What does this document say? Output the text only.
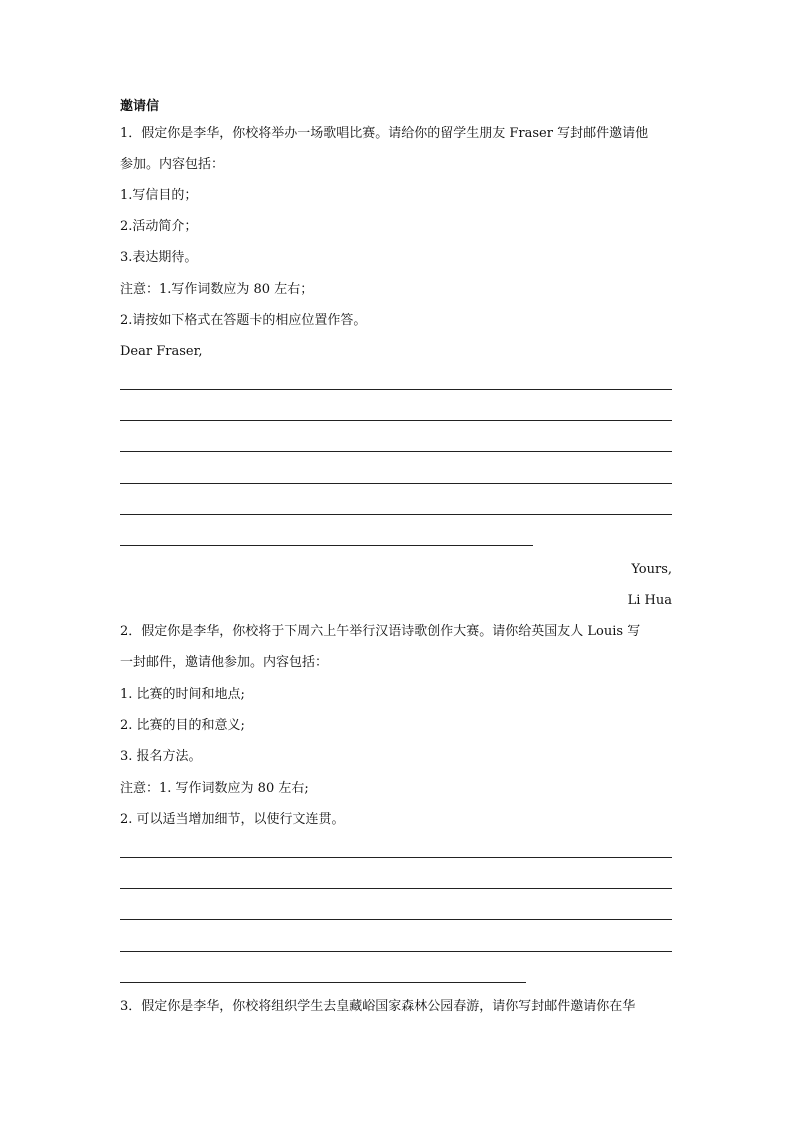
邀请信
1．假定你是李华，你校将举办一场歌唱比赛。请给你的留学生朋友 Fraser 写封邮件邀请他
参加。内容包括：
1.写信目的；
2.活动简介；
3.表达期待。
注意：1.写作词数应为 80 左右；
2.请按如下格式在答题卡的相应位置作答。
Dear Fraser,
Yours,
Li Hua
2．假定你是李华，你校将于下周六上午举行汉语诗歌创作大赛。请你给英国友人 Louis 写
一封邮件，邀请他参加。内容包括：
1. 比赛的时间和地点;
2. 比赛的目的和意义;
3. 报名方法。
注意：1. 写作词数应为 80 左右;
2. 可以适当增加细节，以使行文连贯。
3．假定你是李华，你校将组织学生去皇藏峪国家森林公园春游，请你写封邮件邀请你在华
